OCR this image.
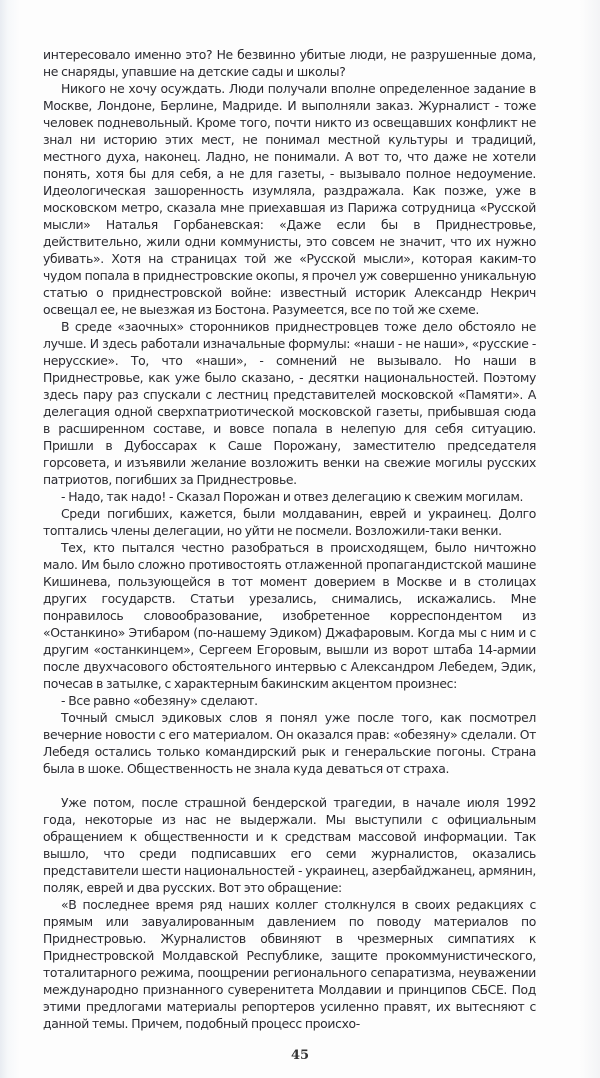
интересовало именно это? Не безвинно убитые люди, не разрушенные дома, не снаряды, упавшие на детские сады и школы?

Никого не хочу осуждать. Люди получали вполне определенное задание в Москве, Лондоне, Берлине, Мадриде. И выполняли заказ. Журналист - тоже человек подневольный. Кроме того, почти никто из освещавших конфликт не знал ни историю этих мест, не понимал местной культуры и традиций, местного духа, наконец. Ладно, не понимали. А вот то, что даже не хотели понять, хотя бы для себя, а не для газеты, - вызывало полное недоумение. Идеологическая зашоренность изумляла, раздражала. Как позже, уже в московском метро, сказала мне приехавшая из Парижа сотрудница «Русской мысли» Наталья Горбаневская: «Даже если бы в Приднестровье, действительно, жили одни коммунисты, это совсем не значит, что их нужно убивать». Хотя на страницах той же «Русской мысли», которая каким-то чудом попала в приднестровские окопы, я прочел уж совершенно уникальную статью о приднестровской войне: известный историк Александр Некрич освещал ее, не выезжая из Бостона. Разумеется, все по той же схеме.

В среде «заочных» сторонников приднестровцев тоже дело обстояло не лучше. И здесь работали изначальные формулы: «наши - не наши», «русские - нерусские». То, что «наши», - сомнений не вызывало. Но наши в Приднестровье, как уже было сказано, - десятки национальностей. Поэтому здесь пару раз спускали с лестниц представителей московской «Памяти». А делегация одной сверхпатриотической московской газеты, прибывшая сюда в расширенном составе, и вовсе попала в нелепую для себя ситуацию. Пришли в Дубоссарах к Саше Порожану, заместителю председателя горсовета, и изъявили желание возложить венки на свежие могилы русских патриотов, погибших за Приднестровье.

- Надо, так надо! - Сказал Порожан и отвез делегацию к свежим могилам.

Среди погибших, кажется, были молдаванин, еврей и украинец. Долго топтались члены делегации, но уйти не посмели. Возложили-таки венки.

Тех, кто пытался честно разобраться в происходящем, было ничтожно мало. Им было сложно противостоять отлаженной пропагандистской машине Кишинева, пользующейся в тот момент доверием в Москве и в столицах других государств. Статьи урезались, снимались, искажались. Мне понравилось словообразование, изобретенное корреспондентом из «Останкино» Этибаром (по-нашему Эдиком) Джафаровым. Когда мы с ним и с другим «останкинцем», Сергеем Егоровым, вышли из ворот штаба 14-армии после двухчасового обстоятельного интервью с Александром Лебедем, Эдик, почесав в затылке, с характерным бакинским акцентом произнес:

- Все равно «обезяну» сделают.

Точный смысл эдиковых слов я понял уже после того, как посмотрел вечерние новости с его материалом. Он оказался прав: «обезяну» сделали. От Лебедя остались только командирский рык и генеральские погоны. Страна была в шоке. Общественность не знала куда деваться от страха.

Уже потом, после страшной бендерской трагедии, в начале июля 1992 года, некоторые из нас не выдержали. Мы выступили с официальным обращением к общественности и к средствам массовой информации. Так вышло, что среди подписавших его семи журналистов, оказались представители шести национальностей - украинец, азербайджанец, армянин, поляк, еврей и два русских. Вот это обращение:

«В последнее время ряд наших коллег столкнулся в своих редакциях с прямым или завуалированным давлением по поводу материалов по Приднестровью. Журналистов обвиняют в чрезмерных симпатиях к Приднестровской Молдавской Республике, защите прокоммунистического, тоталитарного режима, поощрении регионального сепаратизма, неуважении международно признанного суверенитета Молдавии и принципов СБСЕ. Под этими предлогами материалы репортеров усиленно правят, их вытесняют с данной темы. Причем, подобный процесс происхо-

45
